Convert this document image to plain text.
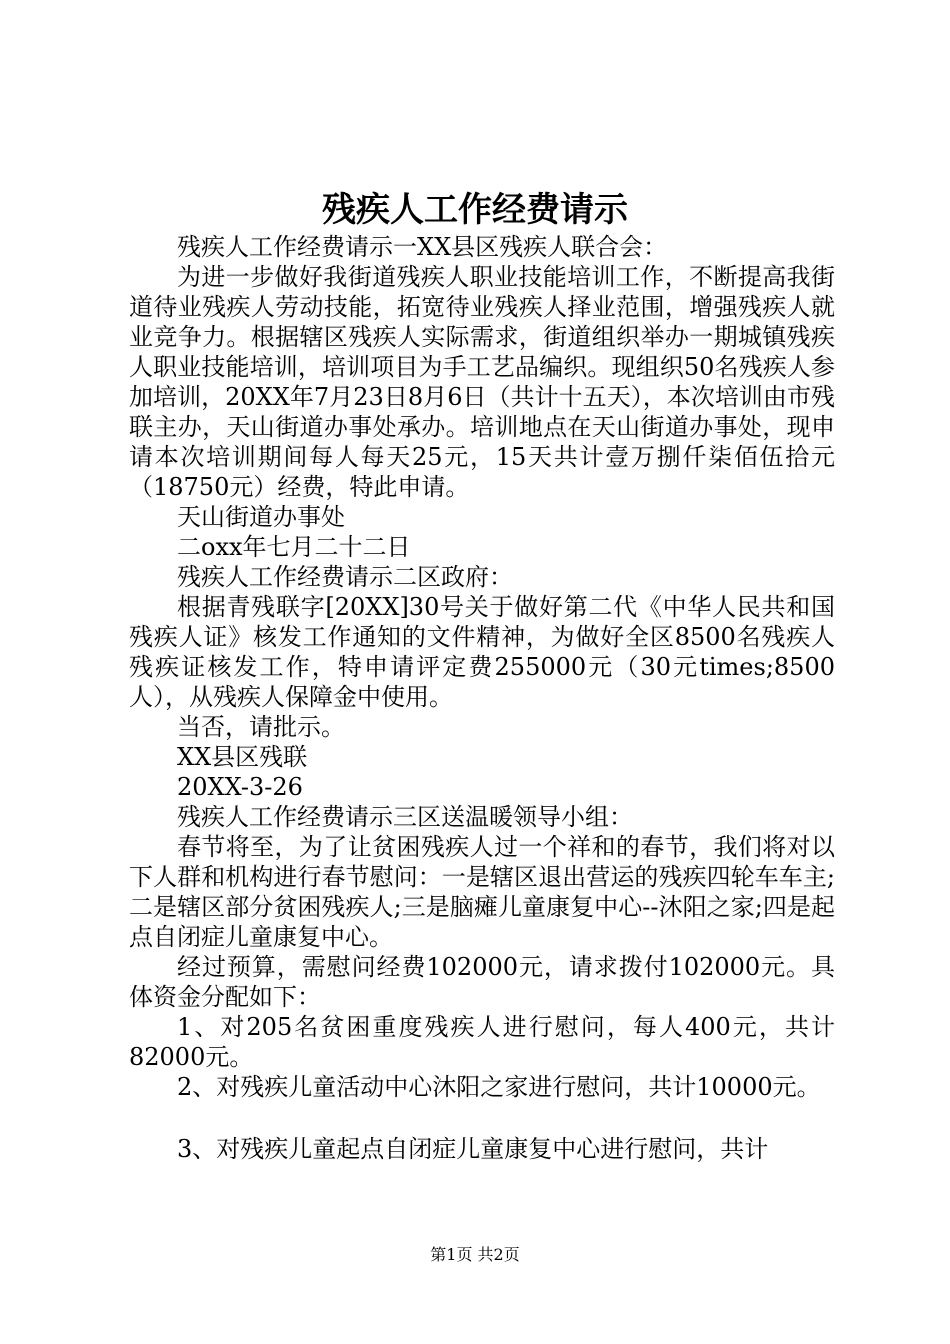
残疾人工作经费请示

残疾人工作经费请示一XX县区残疾人联合会：

为进一步做好我街道残疾人职业技能培训工作，不断提高我街道待业残疾人劳动技能，拓宽待业残疾人择业范围，增强残疾人就业竞争力。根据辖区残疾人实际需求，街道组织举办一期城镇残疾人职业技能培训，培训项目为手工艺品编织。现组织50名残疾人参加培训，20XX年7月23日8月6日（共计十五天），本次培训由市残联主办，天山街道办事处承办。培训地点在天山街道办事处，现申请本次培训期间每人每天25元，15天共计壹万捌仟柒佰伍拾元（18750元）经费，特此申请。

天山街道办事处

二oxx年七月二十二日

残疾人工作经费请示二区政府：

根据青残联字[20XX]30号关于做好第二代《中华人民共和国残疾人证》核发工作通知的文件精神，为做好全区8500名残疾人残疾证核发工作，特申请评定费255000元（30元times;8500人），从残疾人保障金中使用。

当否，请批示。

XX县区残联

20XX-3-26

残疾人工作经费请示三区送温暖领导小组：

春节将至，为了让贫困残疾人过一个祥和的春节，我们将对以下人群和机构进行春节慰问：一是辖区退出营运的残疾四轮车车主;二是辖区部分贫困残疾人;三是脑瘫儿童康复中心--沐阳之家;四是起点自闭症儿童康复中心。

经过预算，需慰问经费102000元，请求拨付102000元。具体资金分配如下：

1、对205名贫困重度残疾人进行慰问，每人400元，共计82000元。

2、对残疾儿童活动中心沐阳之家进行慰问，共计10000元。

3、对残疾儿童起点自闭症儿童康复中心进行慰问，共计

第1页 共2页
